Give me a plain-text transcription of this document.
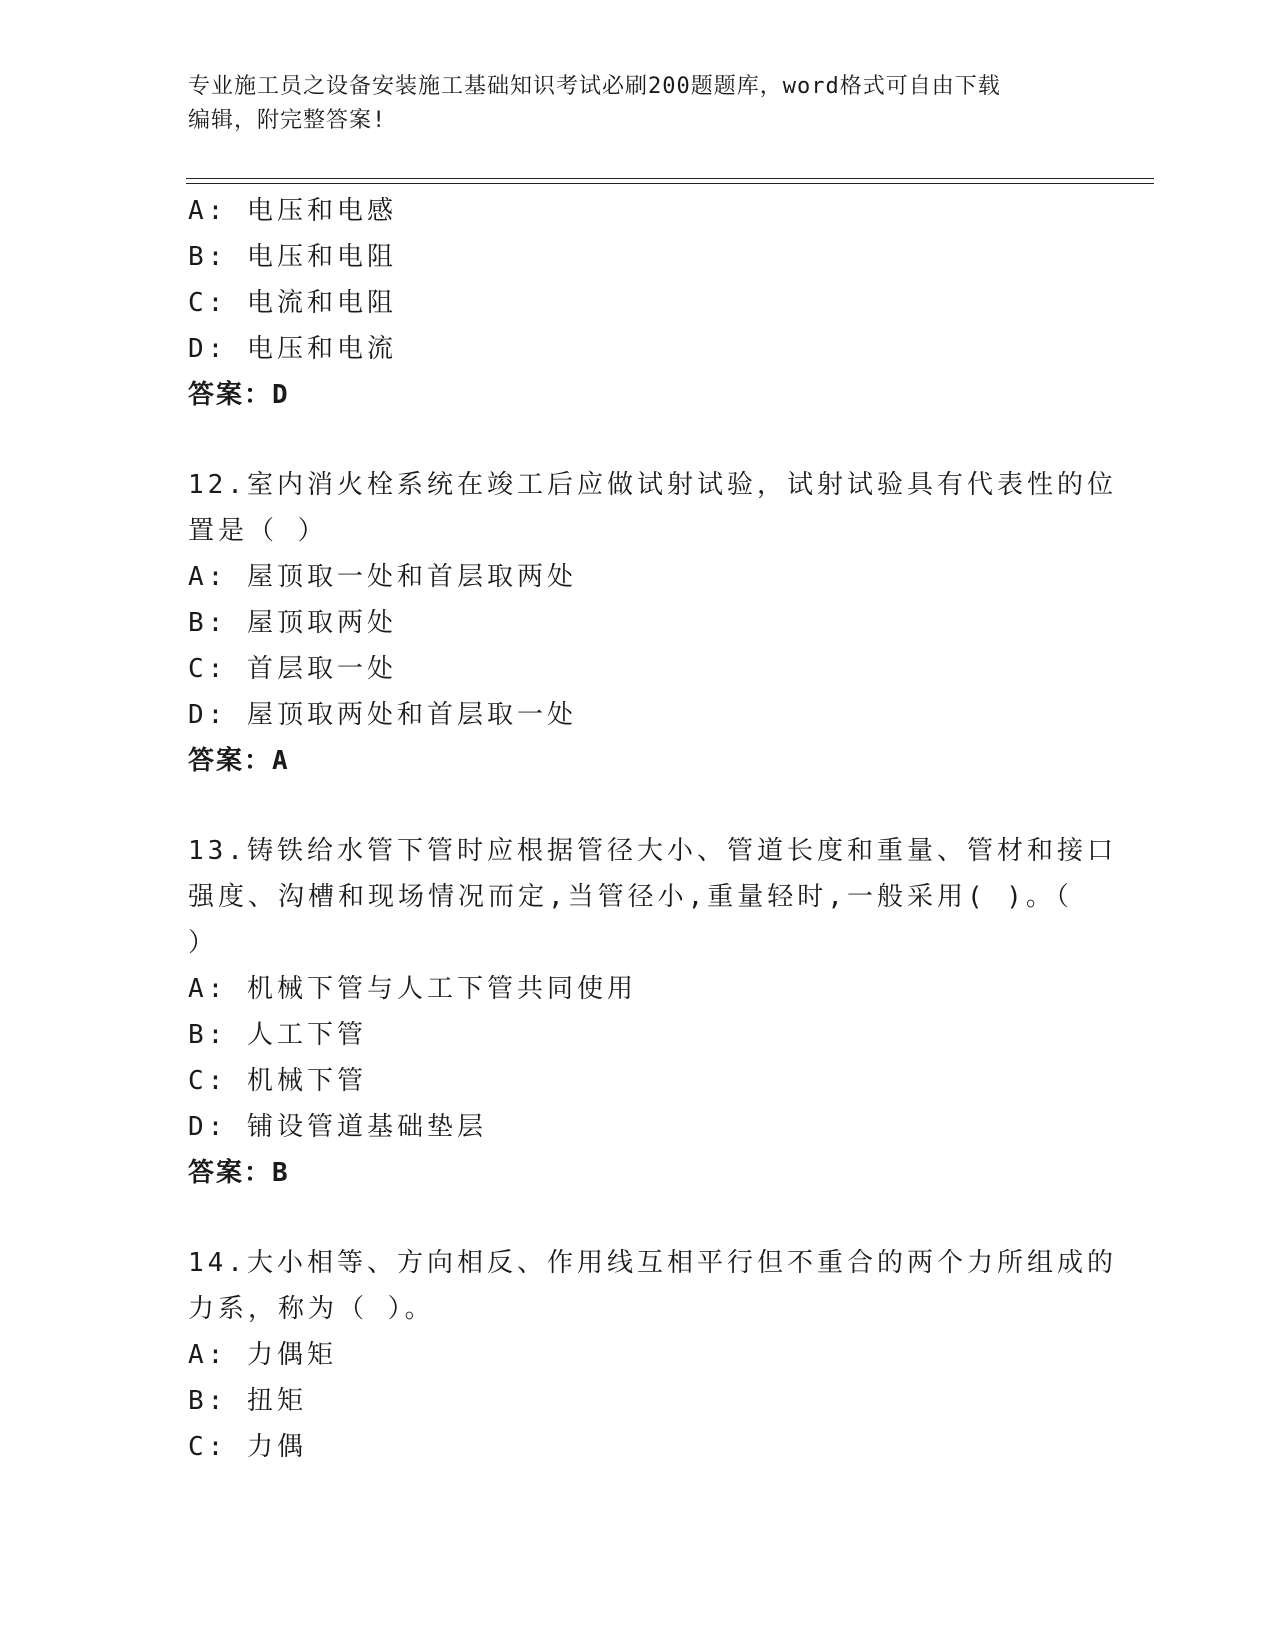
专业施工员之设备安装施工基础知识考试必刷200题题库，word格式可自由下载
编辑，附完整答案!
A: 电压和电感
B: 电压和电阻
C: 电流和电阻
D: 电压和电流
答案：D
12.室内消火栓系统在竣工后应做试射试验，试射试验具有代表性的位
置是（ ）
A: 屋顶取一处和首层取两处
B: 屋顶取两处
C: 首层取一处
D: 屋顶取两处和首层取一处
答案：A
13.铸铁给水管下管时应根据管径大小、管道长度和重量、管材和接口
强度、沟槽和现场情况而定,当管径小,重量轻时,一般采用( )。（
）
A: 机械下管与人工下管共同使用
B: 人工下管
C: 机械下管
D: 铺设管道基础垫层
答案：B
14.大小相等、方向相反、作用线互相平行但不重合的两个力所组成的
力系，称为（ ）。
A: 力偶矩
B: 扭矩
C: 力偶
